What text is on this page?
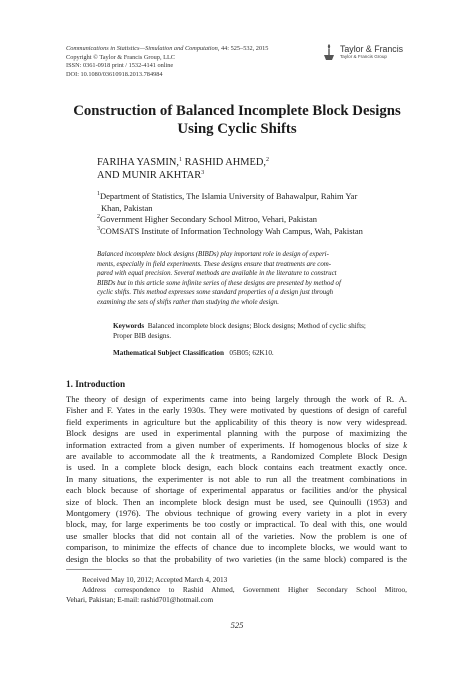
Communications in Statistics—Simulation and Computation, 44: 525–532, 2015
Copyright © Taylor & Francis Group, LLC
ISSN: 0361-0918 print / 1532-4141 online
DOI: 10.1080/03610918.2013.784984
Taylor & Francis
Taylor & Francis Group
Construction of Balanced Incomplete Block Designs
Using Cyclic Shifts
FARIHA YASMIN,$^1$ RASHID AHMED,$^2$
AND MUNIR AKHTAR$^3$

$^1$Department of Statistics, The Islamia University of Bahawalpur, Rahim Yar

Khan, Pakistan

$^2$Government Higher Secondary School Mitroo, Vehari, Pakistan

$^3$COMSATS Institute of Information Technology Wah Campus, Wah, Pakistan

Balanced incomplete block designs (BIBDs) play important role in design of experi-
ments, especially in field experiments. These designs ensure that treatments are com-
pared with equal precision. Several methods are available in the literature to construct
BIBDs but in this article some infinite series of these designs are presented by method of
cyclic shifts. This method expresses some standard properties of a design just through
examining the sets of shifts rather than studying the whole design.
Keywords Balanced incomplete block designs; Block designs; Method of cyclic shifts;
Proper BIB designs.
Mathematical Subject Classification 05B05; 62K10.
1. Introduction
The theory of design of experiments came into being largely through the work of R. A.
Fisher and F. Yates in the early 1930s. They were motivated by questions of design of careful
field experiments in agriculture but the applicability of this theory is now very widespread.
Block designs are used in experimental planning with the purpose of maximizing the
information extracted from a given number of experiments. If homogenous blocks of size k
are available to accommodate all the k treatments, a Randomized Complete Block Design
is used. In a complete block design, each block contains each treatment exactly once.
In many situations, the experimenter is not able to run all the treatment combinations in
each block because of shortage of experimental apparatus or facilities and/or the physical
size of block. Then an incomplete block design must be used, see Quinoulli (1953) and
Montgomery (1976). The obvious technique of growing every variety in a plot in every
block, may, for large experiments be too costly or impractical. To deal with this, one would
use smaller blocks that did not contain all of the varieties. Now the problem is one of
comparison, to minimize the effects of chance due to incomplete blocks, we would want to
design the blocks so that the probability of two varieties (in the same block) compared is the
Received May 10, 2012; Accepted March 4, 2013
Address correspondence to Rashid Ahmed, Government Higher Secondary School Mitroo,
Vehari, Pakistan; E-mail: rashid701@hotmail.com
525
